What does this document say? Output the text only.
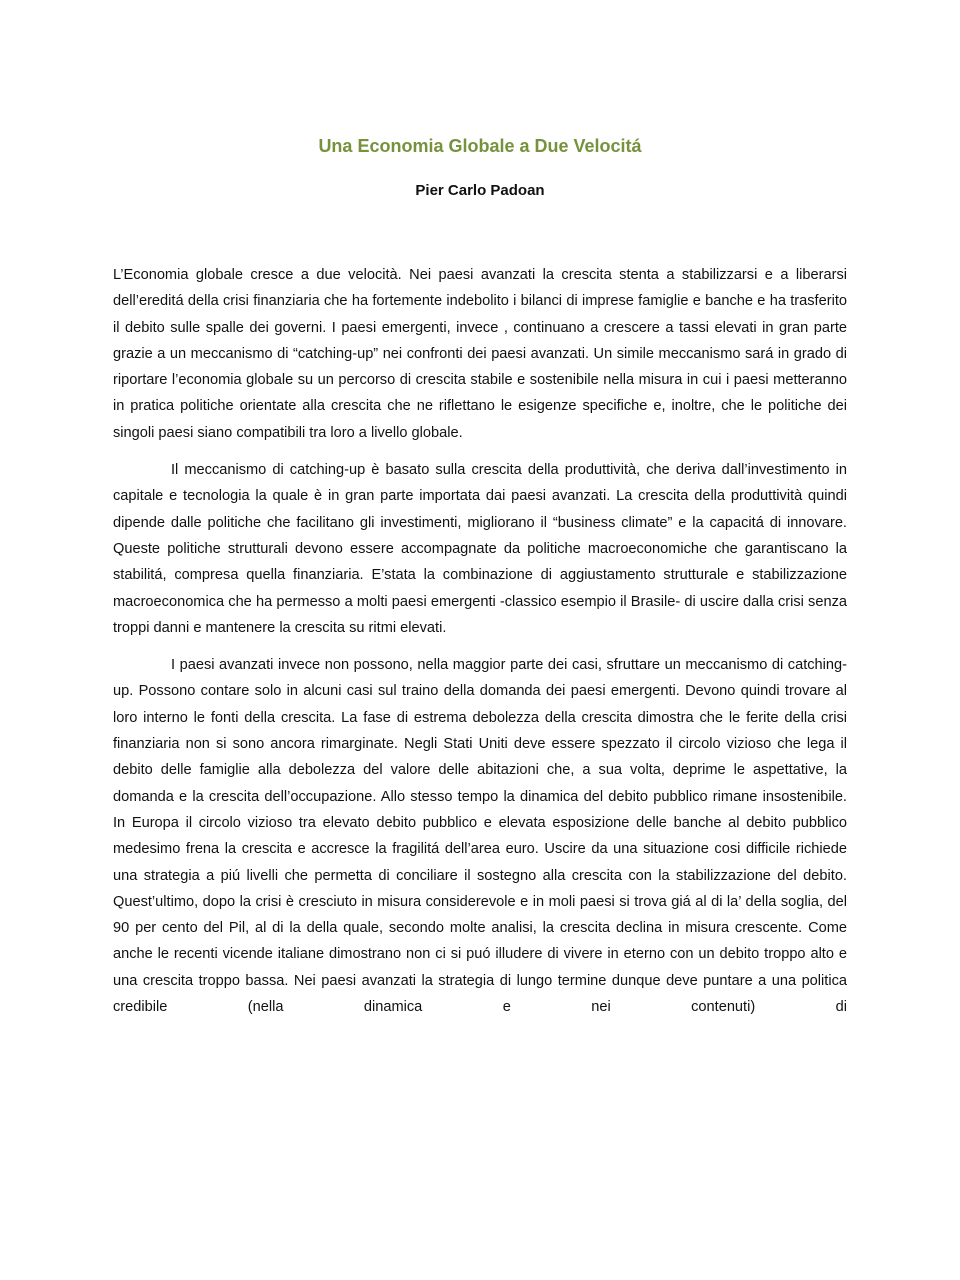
Una Economia Globale a Due Velocitá
Pier Carlo Padoan

L’Economia globale cresce a due velocità. Nei paesi avanzati la crescita stenta a stabilizzarsi e a liberarsi dell’ereditá della crisi finanziaria che ha fortemente indebolito i bilanci di imprese famiglie e banche e ha trasferito il debito sulle spalle dei governi. I paesi emergenti, invece , continuano a crescere a tassi elevati in gran parte grazie a un meccanismo di “catching-up” nei confronti dei paesi avanzati. Un simile meccanismo sará in grado di riportare l’economia globale su un percorso di crescita stabile e sostenibile nella misura in cui i paesi metteranno in pratica politiche orientate alla crescita che ne riflettano le esigenze specifiche e, inoltre, che le politiche dei singoli paesi siano compatibili tra loro a livello globale.

Il meccanismo di catching-up è basato sulla crescita della produttività, che deriva dall’investimento in capitale e tecnologia la quale è in gran parte importata dai paesi avanzati. La crescita della produttività quindi dipende dalle politiche che facilitano gli investimenti, migliorano il “business climate” e la capacitá di innovare. Queste politiche strutturali devono essere accompagnate da politiche macroeconomiche che garantiscano la stabilitá, compresa quella finanziaria. E’stata la combinazione di aggiustamento strutturale e stabilizzazione macroeconomica che ha permesso a molti paesi emergenti -classico esempio il Brasile- di uscire dalla crisi senza troppi danni e mantenere la crescita su ritmi elevati.

I paesi avanzati invece non possono, nella maggior parte dei casi, sfruttare un meccanismo di catching-up. Possono contare solo in alcuni casi sul traino della domanda dei paesi emergenti. Devono quindi trovare al loro interno le fonti della crescita. La fase di estrema debolezza della crescita dimostra che le ferite della crisi finanziaria non si sono ancora rimarginate. Negli Stati Uniti deve essere spezzato il circolo vizioso che lega il debito delle famiglie alla debolezza del valore delle abitazioni che, a sua volta, deprime le aspettative, la domanda e la crescita dell’occupazione. Allo stesso tempo la dinamica del debito pubblico rimane insostenibile. In Europa il circolo vizioso tra elevato debito pubblico e elevata esposizione delle banche al debito pubblico medesimo frena la crescita e accresce la fragilitá dell’area euro. Uscire da una situazione cosi difficile richiede una strategia a piú livelli che permetta di conciliare il sostegno alla crescita con la stabilizzazione del debito. Quest’ultimo, dopo la crisi è cresciuto in misura considerevole e in moli paesi si trova giá al di la’ della soglia, del 90 per cento del Pil, al di la della quale, secondo molte analisi, la crescita declina in misura crescente. Come anche le recenti vicende italiane dimostrano non ci si puó illudere di vivere in eterno con un debito troppo alto e una crescita troppo bassa. Nei paesi avanzati la strategia di lungo termine dunque deve puntare a una politica credibile (nella dinamica e nei contenuti) di
